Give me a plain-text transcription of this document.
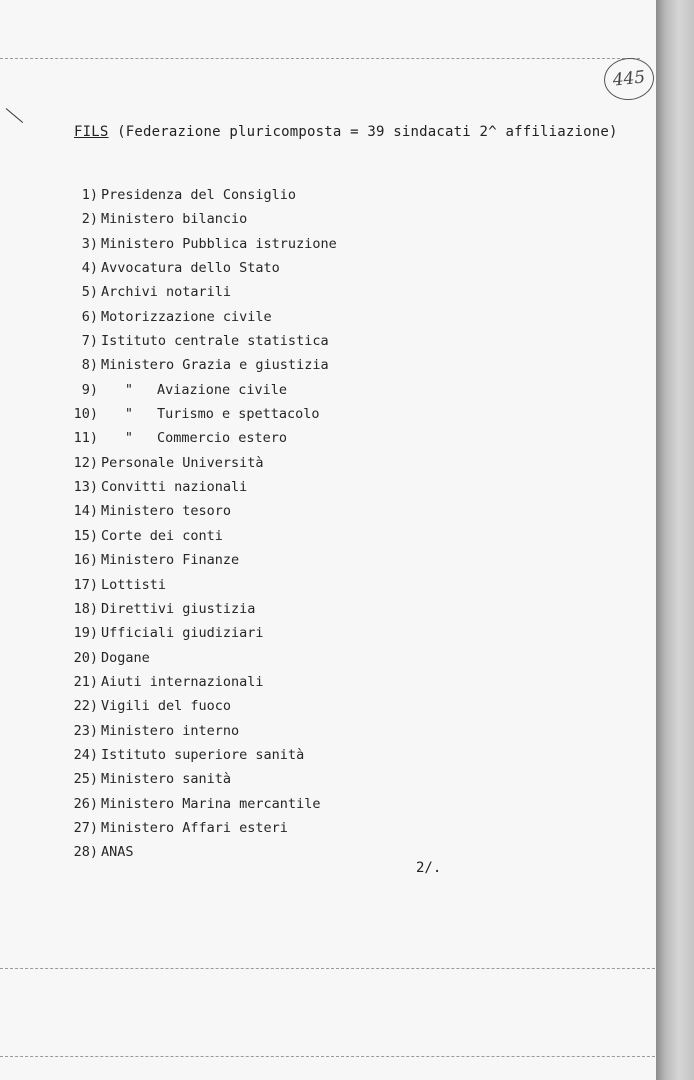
445
FILS (Federazione pluricomposta = 39 sindacati 2^ affiliazione)
1) Presidenza del Consiglio
2) Ministero bilancio
3) Ministero Pubblica istruzione
4) Avvocatura dello Stato
5) Archivi notarili
6) Motorizzazione civile
7) Istituto centrale statistica
8) Ministero Grazia e giustizia
9) " Aviazione civile
10) " Turismo e spettacolo
11) " Commercio estero
12) Personale Università
13) Convitti nazionali
14) Ministero tesoro
15) Corte dei conti
16) Ministero Finanze
17) Lottisti
18) Direttivi giustizia
19) Ufficiali giudiziari
20) Dogane
21) Aiuti internazionali
22) Vigili del fuoco
23) Ministero interno
24) Istituto superiore sanità
25) Ministero sanità
26) Ministero Marina mercantile
27) Ministero Affari esteri
28) ANAS
2/.
